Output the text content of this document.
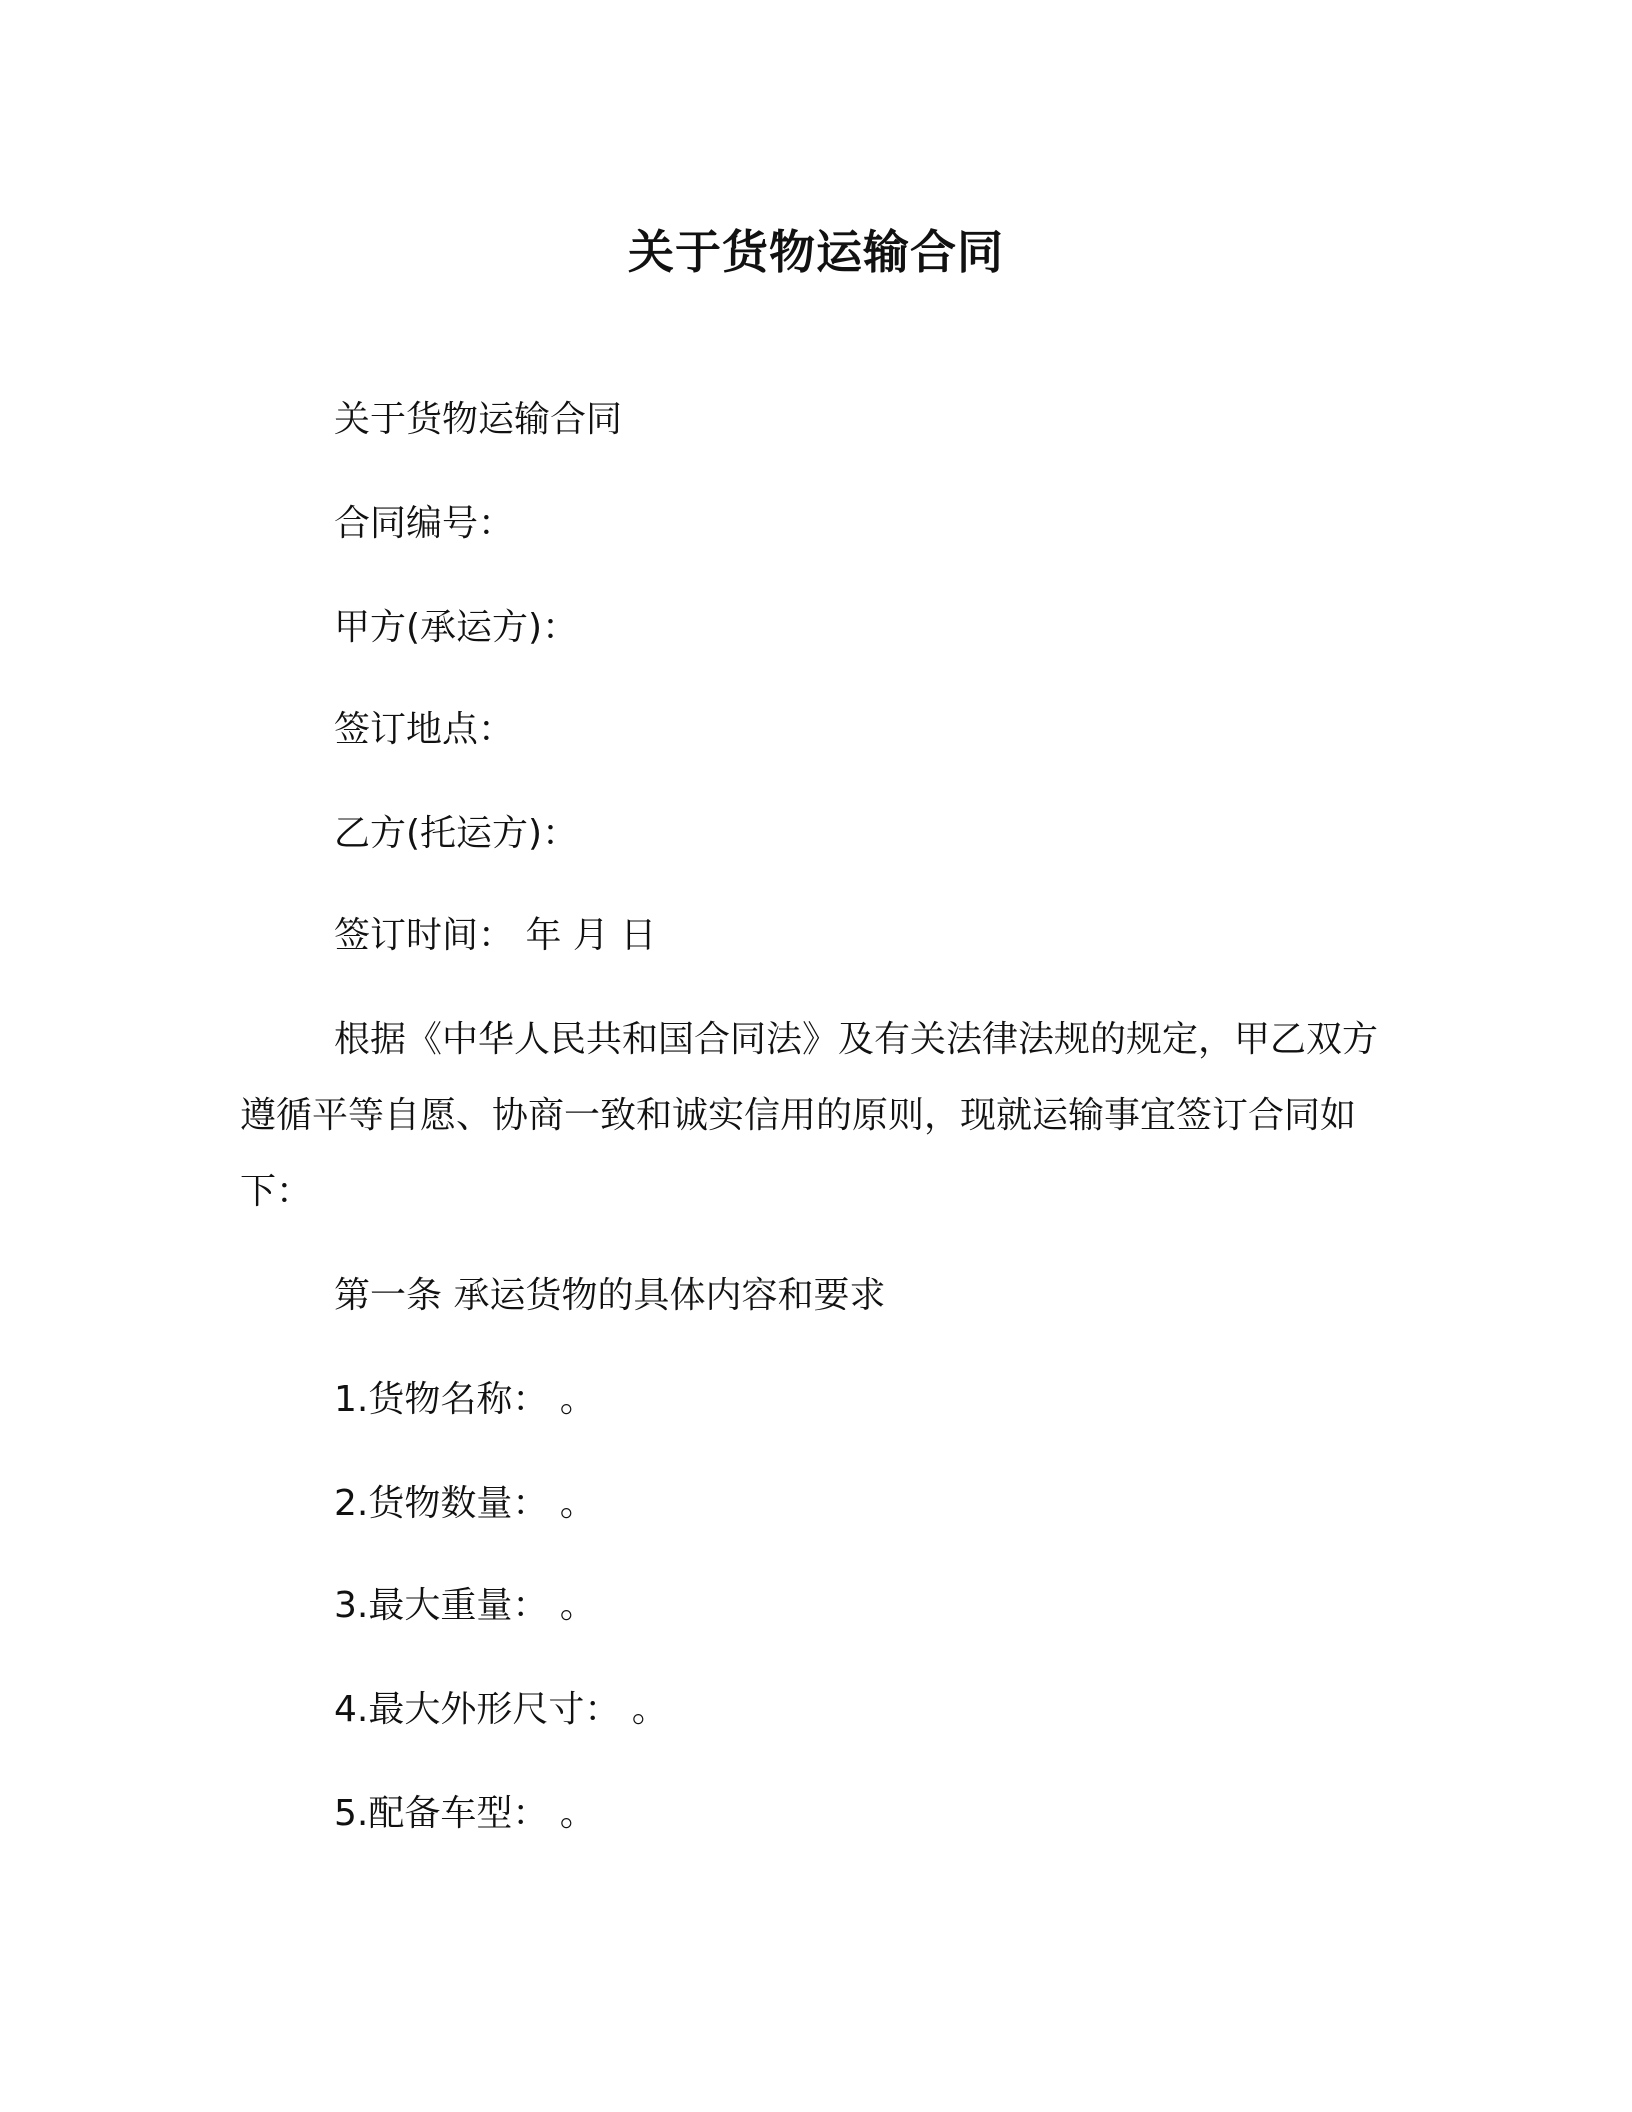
关于货物运输合同
关于货物运输合同
合同编号：
甲方(承运方)：
签订地点：
乙方(托运方)：
签订时间： 年 月 日
根据《中华人民共和国合同法》及有关法律法规的规定，甲乙双方遵循平等自愿、协商一致和诚实信用的原则，现就运输事宜签订合同如下：
第一条 承运货物的具体内容和要求
1.货物名称： 。
2.货物数量： 。
3.最大重量： 。
4.最大外形尺寸： 。
5.配备车型： 。
